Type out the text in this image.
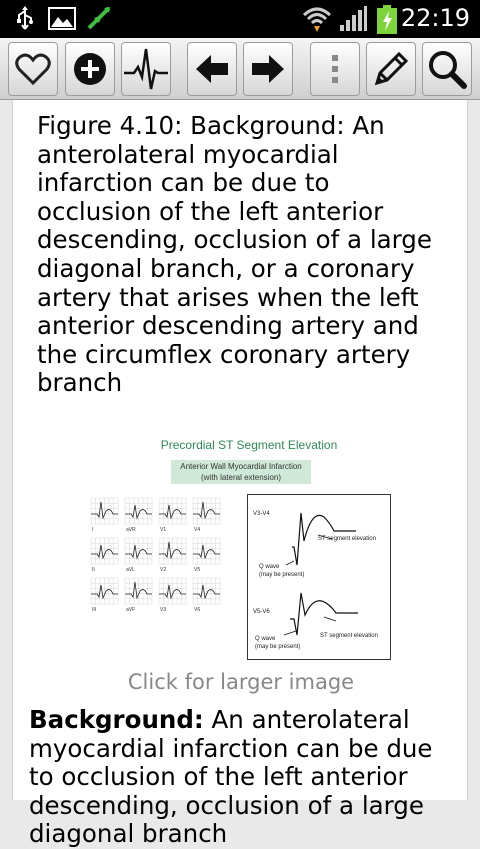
22:19
Figure 4.10: Background: An anterolateral myocardial infarction can be due to occlusion of the left anterior descending, occlusion of a large diagonal branch, or a coronary artery that arises when the left anterior descending artery and the circumflex coronary artery branch
Precordial ST Segment Elevation
Anterior Wall Myocardial Infarction
(with lateral extension)
I	aVR	V1	V4
II	aVL	V2	V5
III	aVF	V3	V6
V3-V4
ST segment elevation
Q wave
(may be present)
V5-V6
ST segment elevation
Q wave
(may be present)
Click for larger image
Background: An anterolateral myocardial infarction can be due to occlusion of the left anterior descending, occlusion of a large diagonal branch
